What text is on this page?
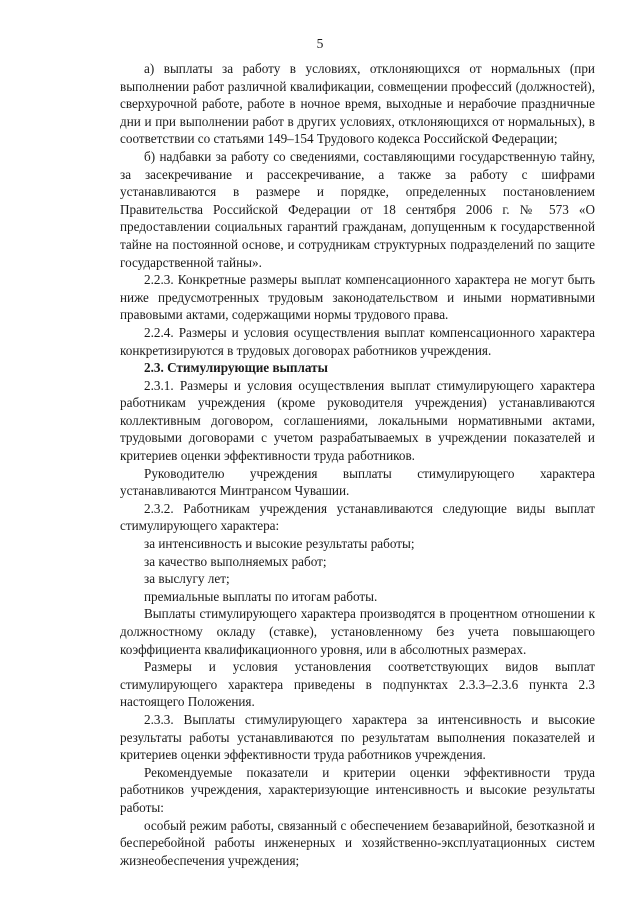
5

а) выплаты за работу в условиях, отклоняющихся от нормальных (при выполнении работ различной квалификации, совмещении профессий (должностей), сверхурочной работе, работе в ночное время, выходные и нерабочие праздничные дни и при выполнении работ в других условиях, отклоняющихся от нормальных), в соответствии со статьями 149–154 Трудового кодекса Российской Федерации;

б) надбавки за работу со сведениями, составляющими государственную тайну, за засекречивание и рассекречивание, а также за работу с шифрами устанавливаются в размере и порядке, определенных постановлением Правительства Российской Федерации от 18 сентября 2006 г. № 573 «О предоставлении социальных гарантий гражданам, допущенным к государственной тайне на постоянной основе, и сотрудникам структурных подразделений по защите государственной тайны».

2.2.3. Конкретные размеры выплат компенсационного характера не могут быть ниже предусмотренных трудовым законодательством и иными нормативными правовыми актами, содержащими нормы трудового права.

2.2.4. Размеры и условия осуществления выплат компенсационного характера конкретизируются в трудовых договорах работников учреждения.

2.3. Стимулирующие выплаты

2.3.1. Размеры и условия осуществления выплат стимулирующего характера работникам учреждения (кроме руководителя учреждения) устанавливаются коллективным договором, соглашениями, локальными нормативными актами, трудовыми договорами с учетом разрабатываемых в учреждении показателей и критериев оценки эффективности труда работников.

Руководителю учреждения выплаты стимулирующего характера устанавливаются Минтрансом Чувашии.

2.3.2. Работникам учреждения устанавливаются следующие виды выплат стимулирующего характера:

за интенсивность и высокие результаты работы;

за качество выполняемых работ;

за выслугу лет;

премиальные выплаты по итогам работы.

Выплаты стимулирующего характера производятся в процентном отношении к должностному окладу (ставке), установленному без учета повышающего коэффициента квалификационного уровня, или в абсолютных размерах.

Размеры и условия установления соответствующих видов выплат стимулирующего характера приведены в подпунктах 2.3.3–2.3.6 пункта 2.3 настоящего Положения.

2.3.3. Выплаты стимулирующего характера за интенсивность и высокие результаты работы устанавливаются по результатам выполнения показателей и критериев оценки эффективности труда работников учреждения.

Рекомендуемые показатели и критерии оценки эффективности труда работников учреждения, характеризующие интенсивность и высокие результаты работы:

особый режим работы, связанный с обеспечением безаварийной, безотказной и бесперебойной работы инженерных и хозяйственно-эксплуатационных систем жизнеобеспечения учреждения;
